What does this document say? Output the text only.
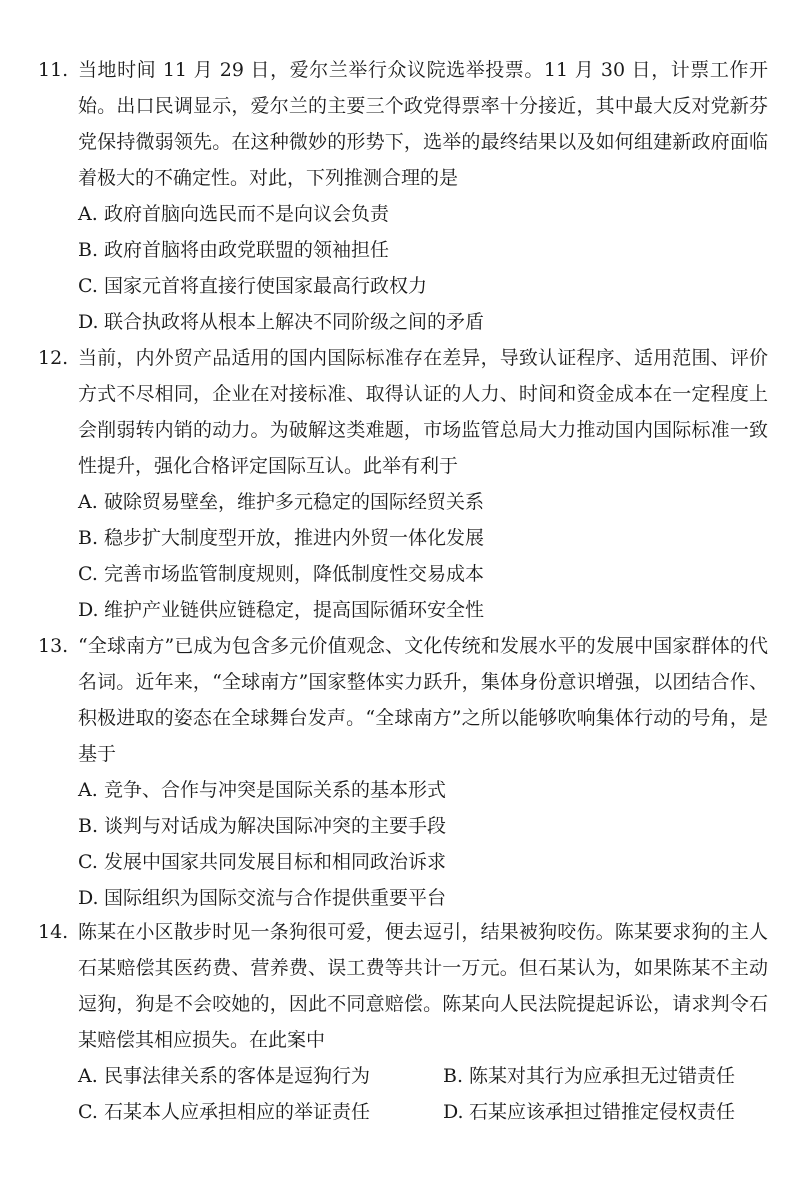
11. 当地时间 11 月 29 日，爱尔兰举行众议院选举投票。11 月 30 日，计票工作开始。出口民调显示，爱尔兰的主要三个政党得票率十分接近，其中最大反对党新芬党保持微弱领先。在这种微妙的形势下，选举的最终结果以及如何组建新政府面临着极大的不确定性。对此，下列推测合理的是

A. 政府首脑向选民而不是向议会负责
B. 政府首脑将由政党联盟的领袖担任
C. 国家元首将直接行使国家最高行政权力
D. 联合执政将从根本上解决不同阶级之间的矛盾
12. 当前，内外贸产品适用的国内国际标准存在差异，导致认证程序、适用范围、评价方式不尽相同，企业在对接标准、取得认证的人力、时间和资金成本在一定程度上会削弱转内销的动力。为破解这类难题，市场监管总局大力推动国内国际标准一致性提升，强化合格评定国际互认。此举有利于

A. 破除贸易壁垒，维护多元稳定的国际经贸关系
B. 稳步扩大制度型开放，推进内外贸一体化发展
C. 完善市场监管制度规则，降低制度性交易成本
D. 维护产业链供应链稳定，提高国际循环安全性
13. “全球南方”已成为包含多元价值观念、文化传统和发展水平的发展中国家群体的代名词。近年来，“全球南方”国家整体实力跃升，集体身份意识增强，以团结合作、积极进取的姿态在全球舞台发声。“全球南方”之所以能够吹响集体行动的号角，是基于

A. 竞争、合作与冲突是国际关系的基本形式
B. 谈判与对话成为解决国际冲突的主要手段
C. 发展中国家共同发展目标和相同政治诉求
D. 国际组织为国际交流与合作提供重要平台
14. 陈某在小区散步时见一条狗很可爱，便去逗引，结果被狗咬伤。陈某要求狗的主人石某赔偿其医药费、营养费、误工费等共计一万元。但石某认为，如果陈某不主动逗狗，狗是不会咬她的，因此不同意赔偿。陈某向人民法院提起诉讼，请求判令石某赔偿其相应损失。在此案中

A. 民事法律关系的客体是逗狗行为	B. 陈某对其行为应承担无过错责任
C. 石某本人应承担相应的举证责任	D. 石某应该承担过错推定侵权责任
